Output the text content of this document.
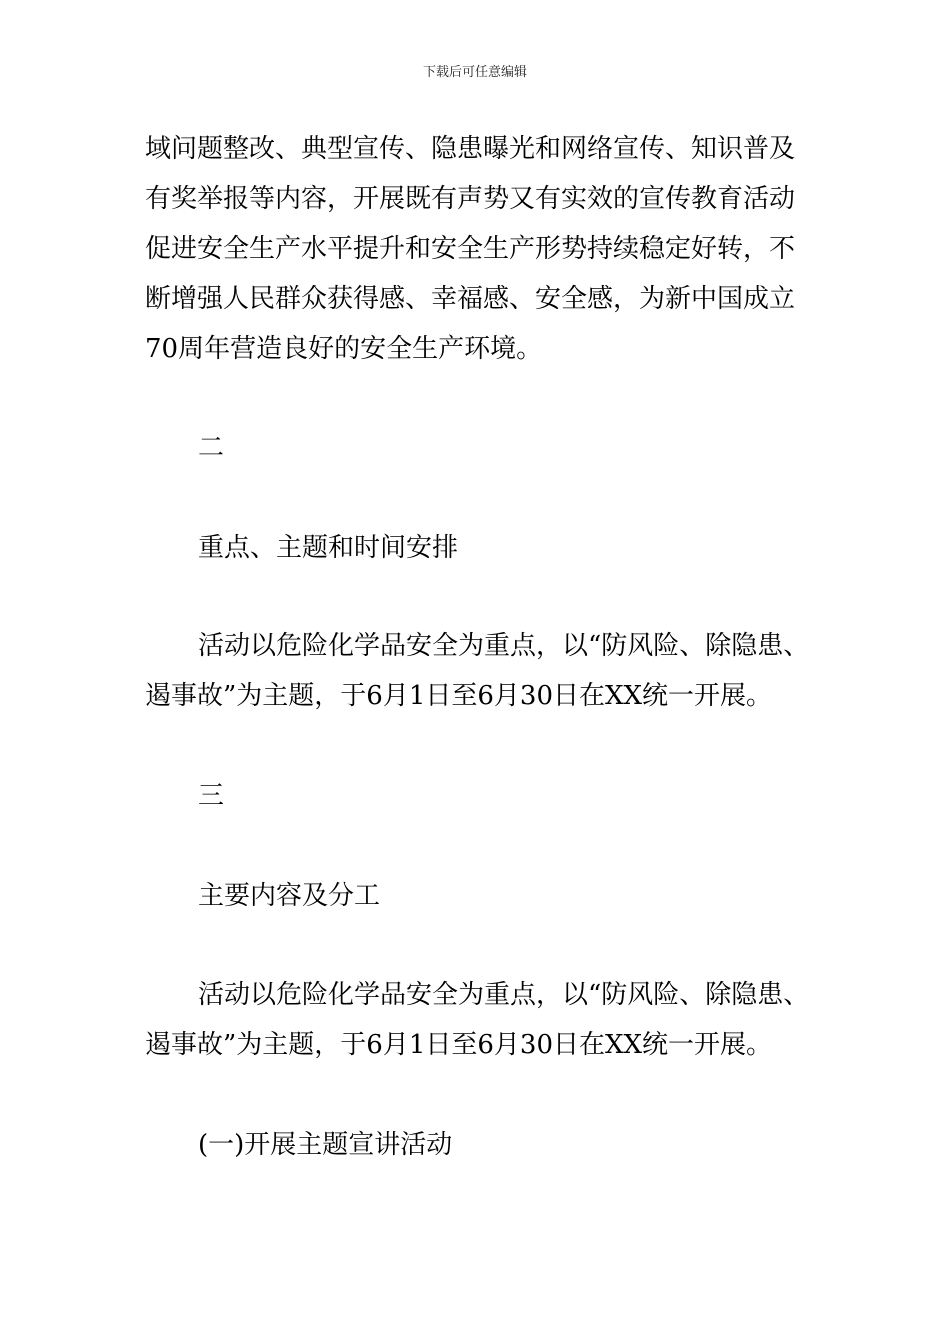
下载后可任意编辑
域问题整改、典型宣传、隐患曝光和网络宣传、知识普及
有奖举报等内容，开展既有声势又有实效的宣传教育活动
促进安全生产水平提升和安全生产形势持续稳定好转，不
断增强人民群众获得感、幸福感、安全感，为新中国成立
70周年营造良好的安全生产环境。
二
重点、主题和时间安排
活动以危险化学品安全为重点，以“防风险、除隐患、
遏事故”为主题，于6月1日至6月30日在XX统一开展。
三
主要内容及分工
活动以危险化学品安全为重点，以“防风险、除隐患、
遏事故”为主题，于6月1日至6月30日在XX统一开展。
(一)开展主题宣讲活动
